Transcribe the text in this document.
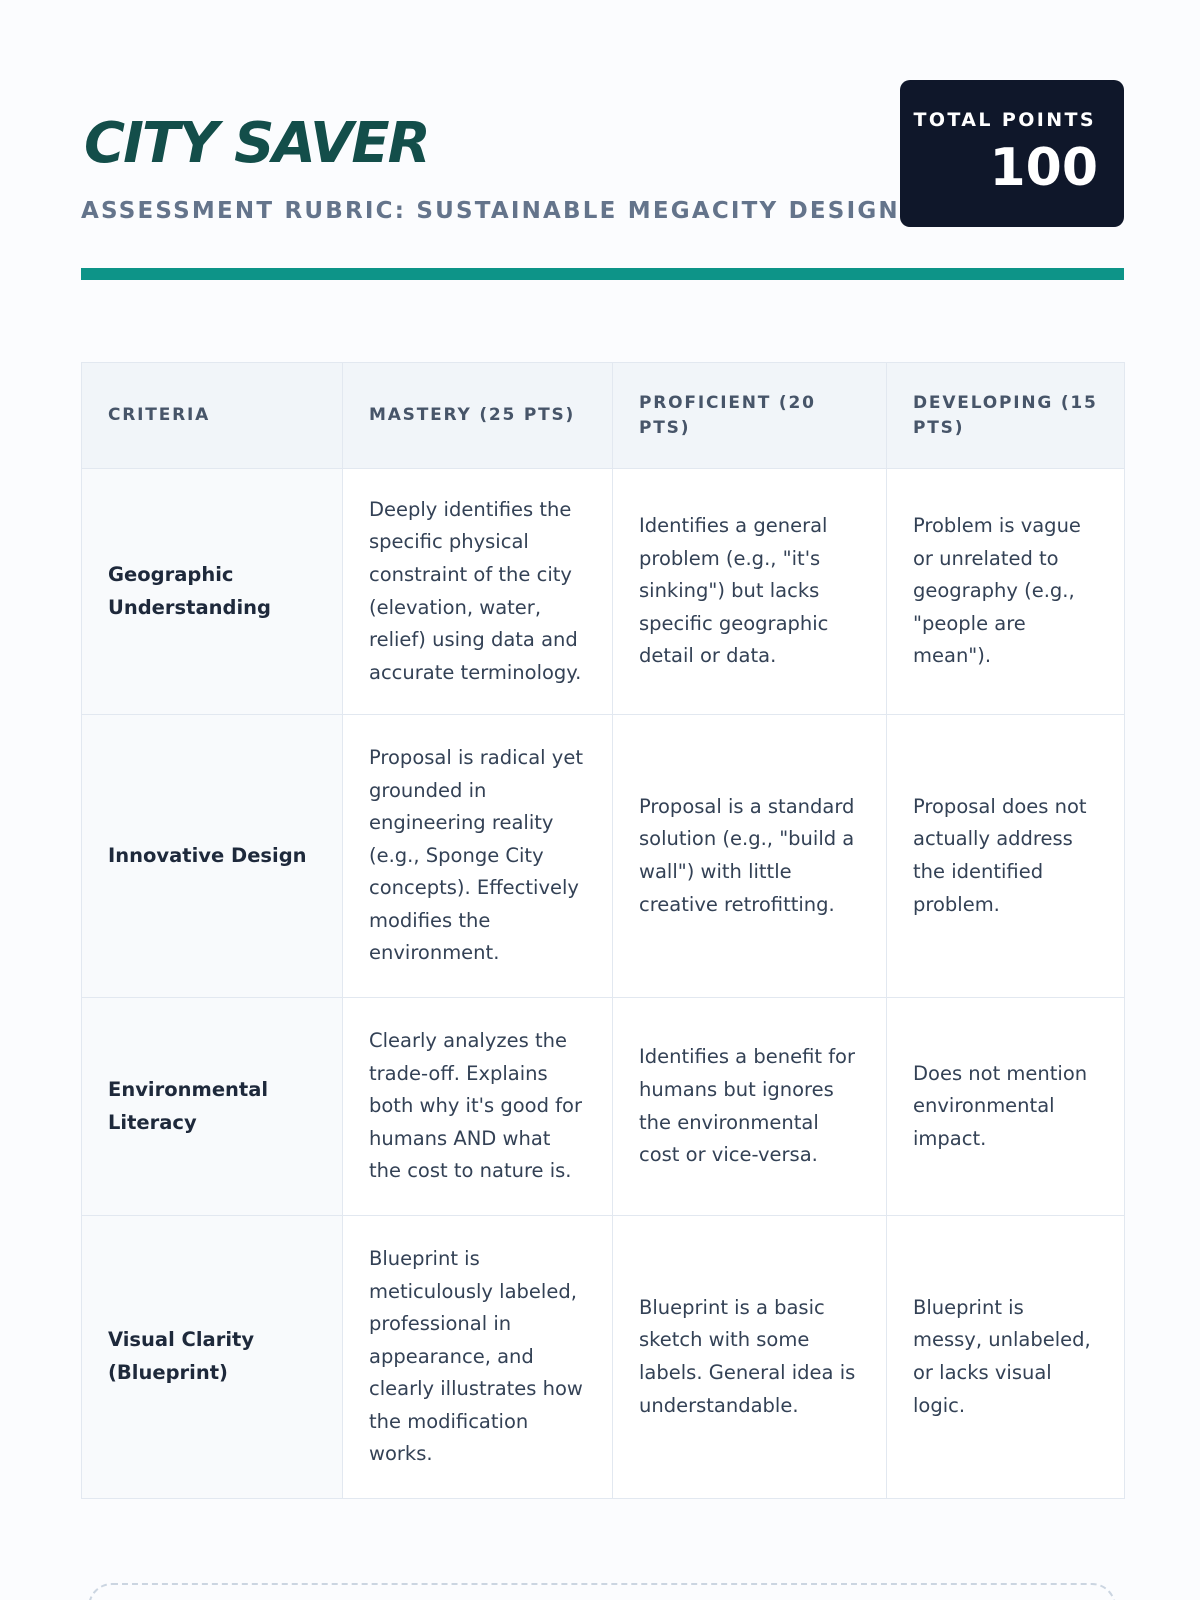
CITY SAVER
ASSESSMENT RUBRIC: SUSTAINABLE MEGACITY DESIGN
TOTAL POINTS
100
CRITERIA	MASTERY (25 PTS)	PROFICIENT (20 PTS)	DEVELOPING (15 PTS)
Geographic Understanding	Deeply identifies the specific physical constraint of the city (elevation, water, relief) using data and accurate terminology.	Identifies a general problem (e.g., "it's sinking") but lacks specific geographic detail or data.	Problem is vague or unrelated to geography (e.g., "people are mean").
Innovative Design	Proposal is radical yet grounded in engineering reality (e.g., Sponge City concepts). Effectively modifies the environment.	Proposal is a standard solution (e.g., "build a wall") with little creative retrofitting.	Proposal does not actually address the identified problem.
Environmental Literacy	Clearly analyzes the trade-off. Explains both why it's good for humans AND what the cost to nature is.	Identifies a benefit for humans but ignores the environmental cost or vice-versa.	Does not mention environmental impact.
Visual Clarity (Blueprint)	Blueprint is meticulously labeled, professional in appearance, and clearly illustrates how the modification works.	Blueprint is a basic sketch with some labels. General idea is understandable.	Blueprint is messy, unlabeled, or lacks visual logic.
